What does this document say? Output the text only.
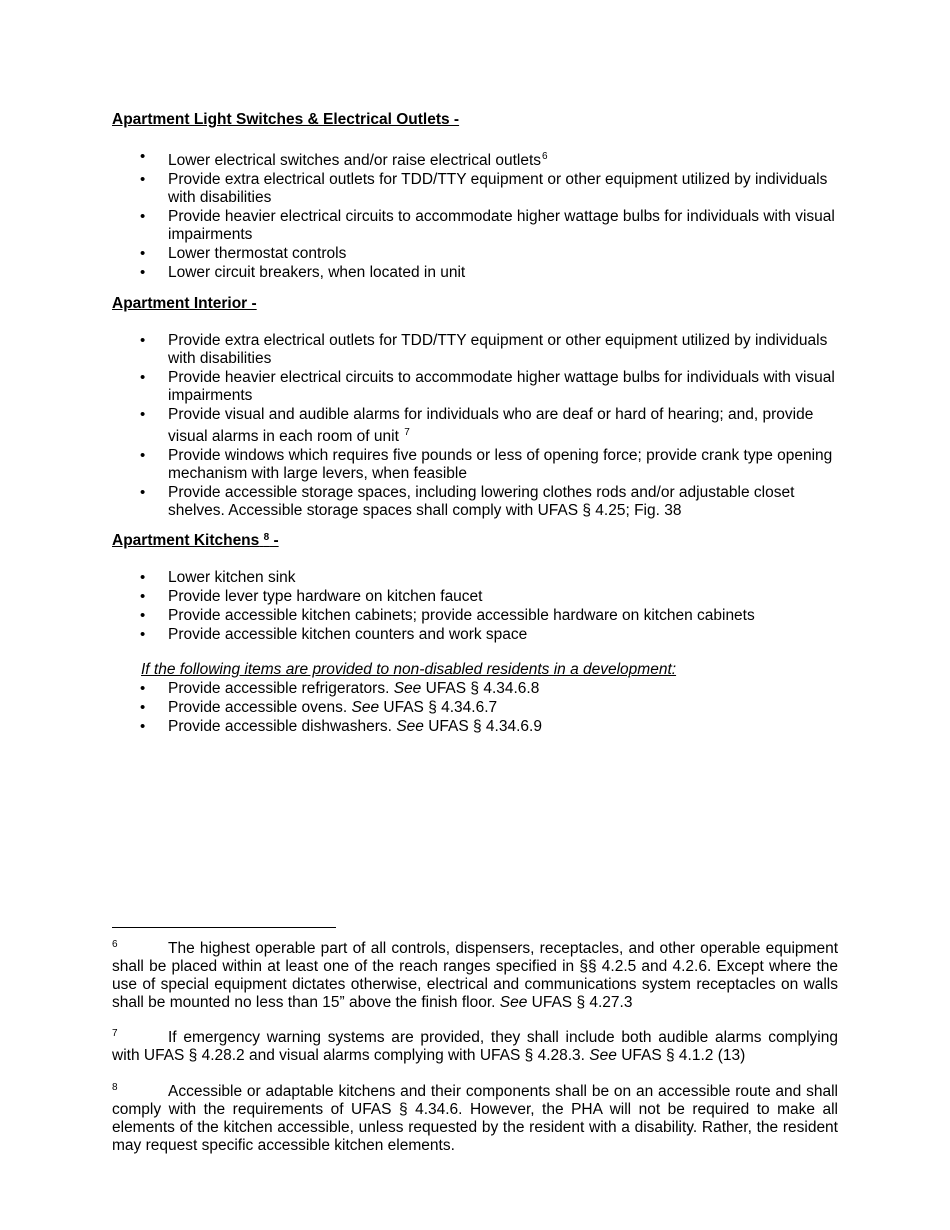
Apartment Light Switches & Electrical Outlets -
• Lower electrical switches and/or raise electrical outlets$^6$
• Provide extra electrical outlets for TDD/TTY equipment or other equipment utilized by individuals with disabilities
• Provide heavier electrical circuits to accommodate higher wattage bulbs for individuals with visual impairments
• Lower thermostat controls
• Lower circuit breakers, when located in unit
Apartment Interior -
• Provide extra electrical outlets for TDD/TTY equipment or other equipment utilized by individuals with disabilities
• Provide heavier electrical circuits to accommodate higher wattage bulbs for individuals with visual impairments
• Provide visual and audible alarms for individuals who are deaf or hard of hearing; and, provide visual alarms in each room of unit $^7$
• Provide windows which requires five pounds or less of opening force; provide crank type opening mechanism with large levers, when feasible
• Provide accessible storage spaces, including lowering clothes rods and/or adjustable closet shelves. Accessible storage spaces shall comply with UFAS § 4.25; Fig. 38
Apartment Kitchens $^8$ -
• Lower kitchen sink
• Provide lever type hardware on kitchen faucet
• Provide accessible kitchen cabinets; provide accessible hardware on kitchen cabinets
• Provide accessible kitchen counters and work space
If the following items are provided to non-disabled residents in a development:
• Provide accessible refrigerators. See UFAS § 4.34.6.8
• Provide accessible ovens. See UFAS § 4.34.6.7
• Provide accessible dishwashers. See UFAS § 4.34.6.9
6	The highest operable part of all controls, dispensers, receptacles, and other operable equipment shall be placed within at least one of the reach ranges specified in §§ 4.2.5 and 4.2.6. Except where the use of special equipment dictates otherwise, electrical and communications system receptacles on walls shall be mounted no less than 15” above the finish floor. See UFAS § 4.27.3
7	If emergency warning systems are provided, they shall include both audible alarms complying with UFAS § 4.28.2 and visual alarms complying with UFAS § 4.28.3. See UFAS § 4.1.2 (13)
8	Accessible or adaptable kitchens and their components shall be on an accessible route and shall comply with the requirements of UFAS § 4.34.6. However, the PHA will not be required to make all elements of the kitchen accessible, unless requested by the resident with a disability. Rather, the resident may request specific accessible kitchen elements.
